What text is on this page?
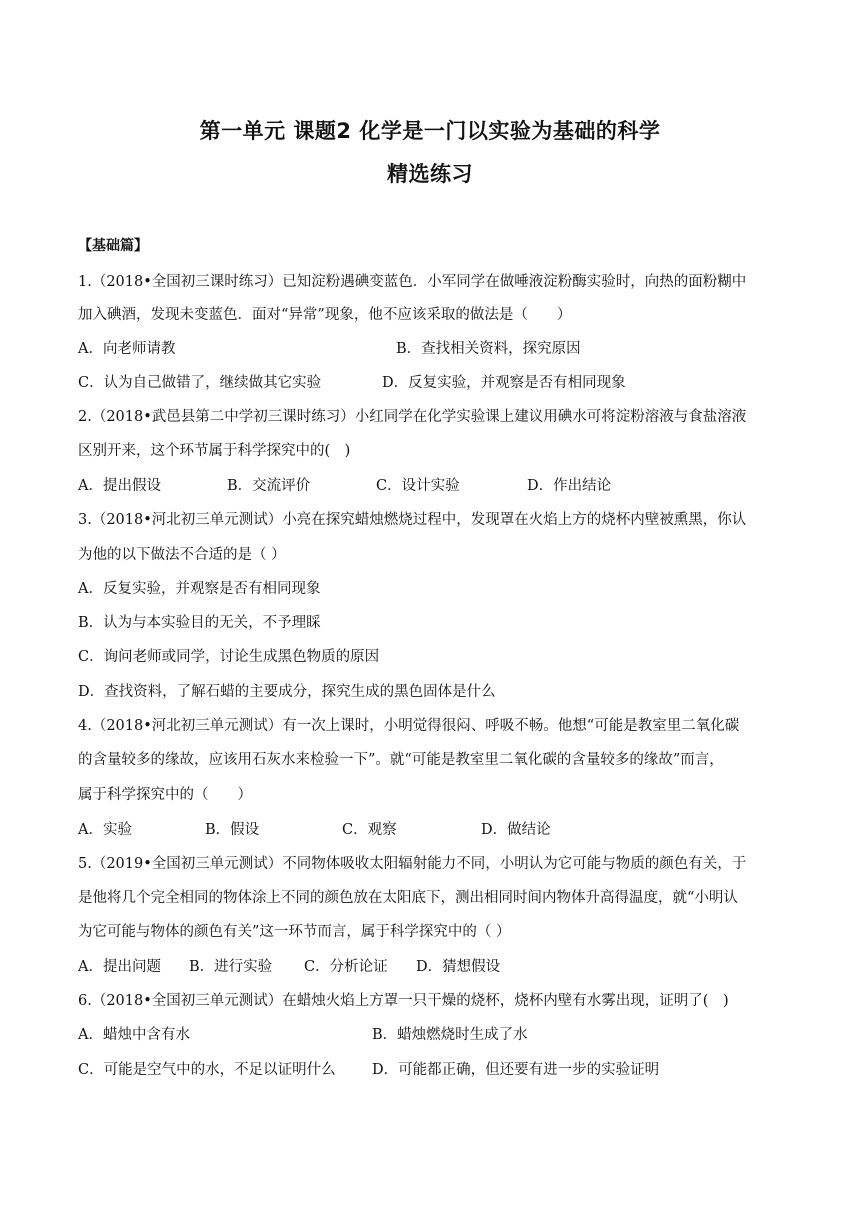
第一单元 课题2 化学是一门以实验为基础的科学
精选练习
【基础篇】
1.（2018•全国初三课时练习）已知淀粉遇碘变蓝色．小军同学在做唾液淀粉酶实验时，向热的面粉糊中
加入碘酒，发现未变蓝色．面对“异常”现象，他不应该采取的做法是（　　）
A．向老师请教	B．查找相关资料，探究原因
C．认为自己做错了，继续做其它实验	D．反复实验，并观察是否有相同现象
2.（2018•武邑县第二中学初三课时练习）小红同学在化学实验课上建议用碘水可将淀粉溶液与食盐溶液
区别开来，这个环节属于科学探究中的(　)
A．提出假设	B．交流评价	C．设计实验	D．作出结论
3.（2018•河北初三单元测试）小亮在探究蜡烛燃烧过程中，发现罩在火焰上方的烧杯内壁被熏黑，你认
为他的以下做法不合适的是（ ）
A．反复实验，并观察是否有相同现象
B．认为与本实验目的无关，不予理睬
C．询问老师或同学，讨论生成黑色物质的原因
D．查找资料，了解石蜡的主要成分，探究生成的黑色固体是什么
4.（2018•河北初三单元测试）有一次上课时，小明觉得很闷、呼吸不畅。他想“可能是教室里二氧化碳
的含量较多的缘故，应该用石灰水来检验一下”。就“可能是教室里二氧化碳的含量较多的缘故”而言，
属于科学探究中的（　　）
A．实验	B．假设	C．观察	D．做结论
5.（2019•全国初三单元测试）不同物体吸收太阳辐射能力不同，小明认为它可能与物质的颜色有关，于
是他将几个完全相同的物体涂上不同的颜色放在太阳底下，测出相同时间内物体升高得温度，就“小明认
为它可能与物体的颜色有关”这一环节而言，属于科学探究中的（ ）
A．提出问题 B．进行实验 C．分析论证 D．猜想假设
6.（2018•全国初三单元测试）在蜡烛火焰上方罩一只干燥的烧杯，烧杯内壁有水雾出现，证明了(　)
A．蜡烛中含有水	B．蜡烛燃烧时生成了水
C．可能是空气中的水，不足以证明什么	D．可能都正确，但还要有进一步的实验证明
